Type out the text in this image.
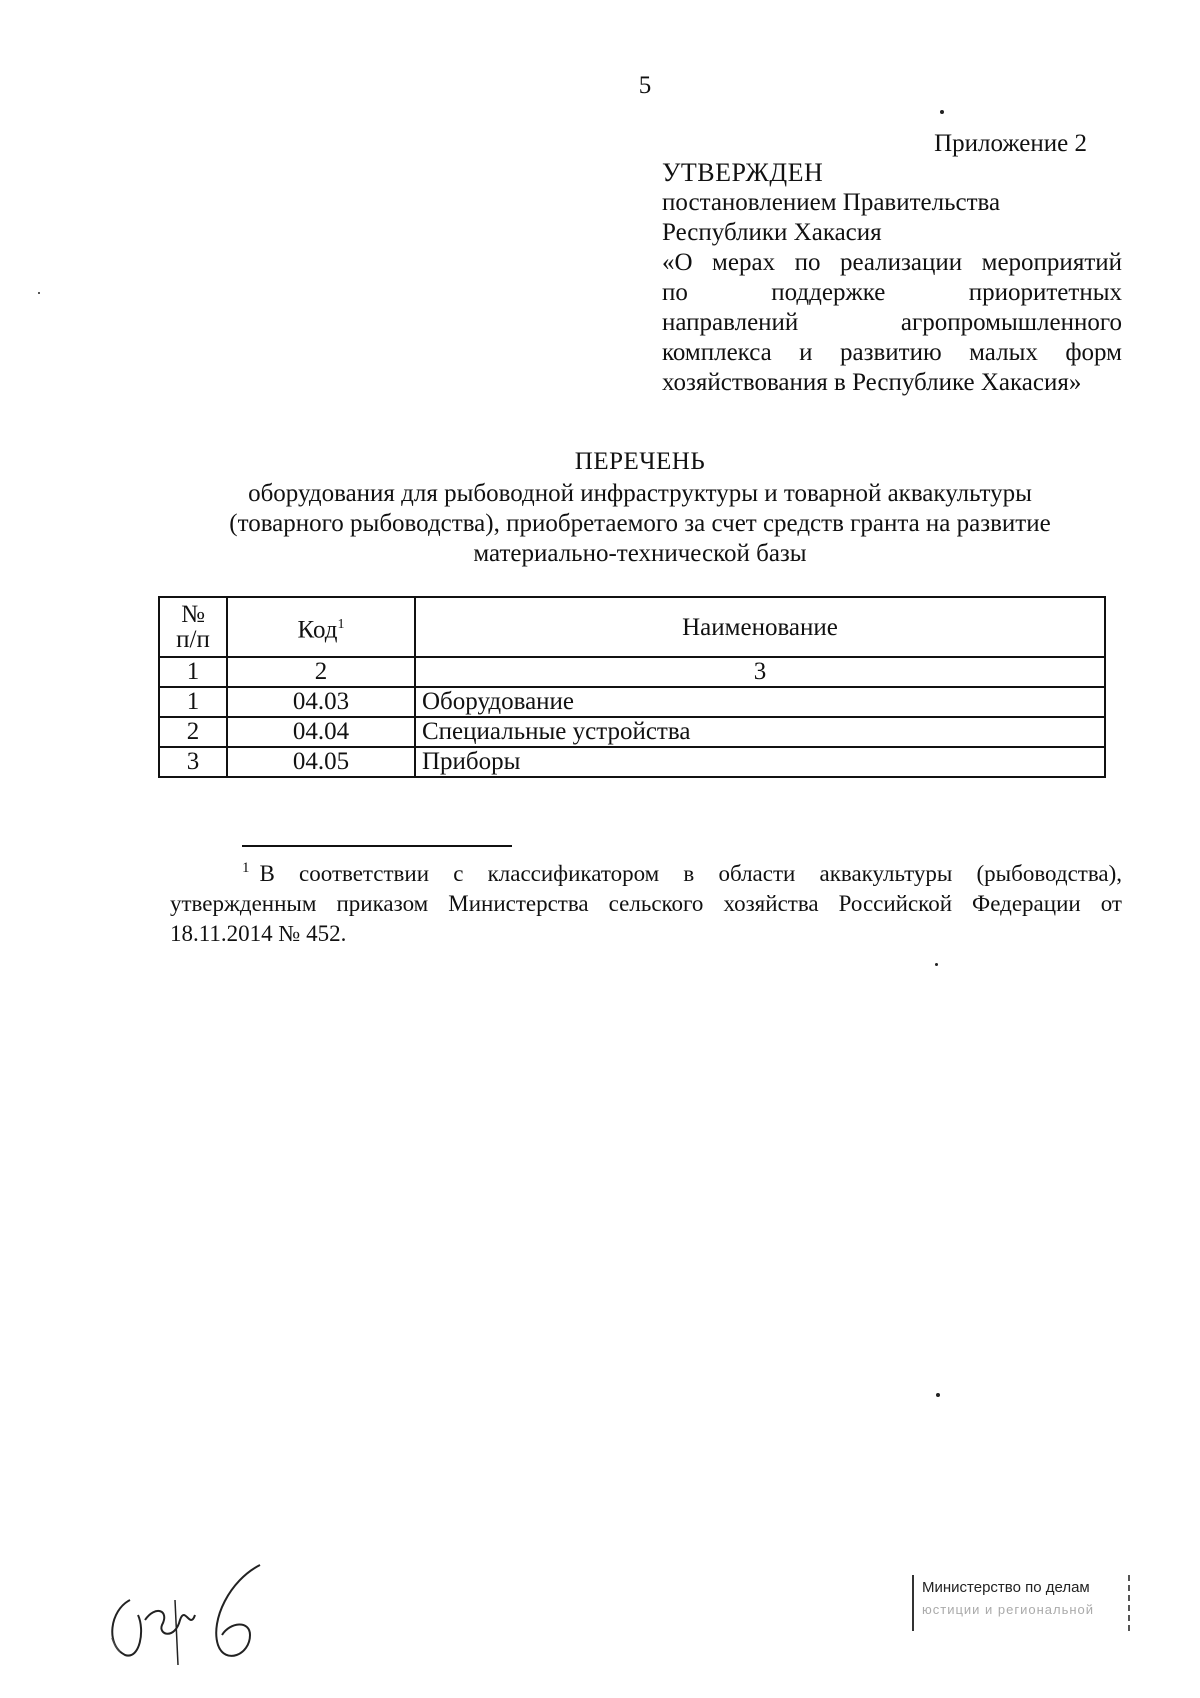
5
Приложение 2
УТВЕРЖДЕН
постановлением Правительства
Республики Хакасия
«О мерах по реализации мероприятий
по поддержке приоритетных
направлений агропромышленного
комплекса и развитию малых форм
хозяйствования в Республике Хакасия»
ПЕРЕЧЕНЬ
оборудования для рыбоводной инфраструктуры и товарной аквакультуры
(товарного рыбоводства), приобретаемого за счет средств гранта на развитие
материально-технической базы
№
п/п	Код$^1$	Наименование
1	2	3
1	04.03	Оборудование
2	04.04	Специальные устройства
3	04.05	Приборы
$^1$ В соответствии с классификатором в области аквакультуры (рыбоводства), утвержденным приказом Министерства сельского хозяйства Российской Федерации от 18.11.2014 № 452.
Министерство по делам
юстиции и региональной
